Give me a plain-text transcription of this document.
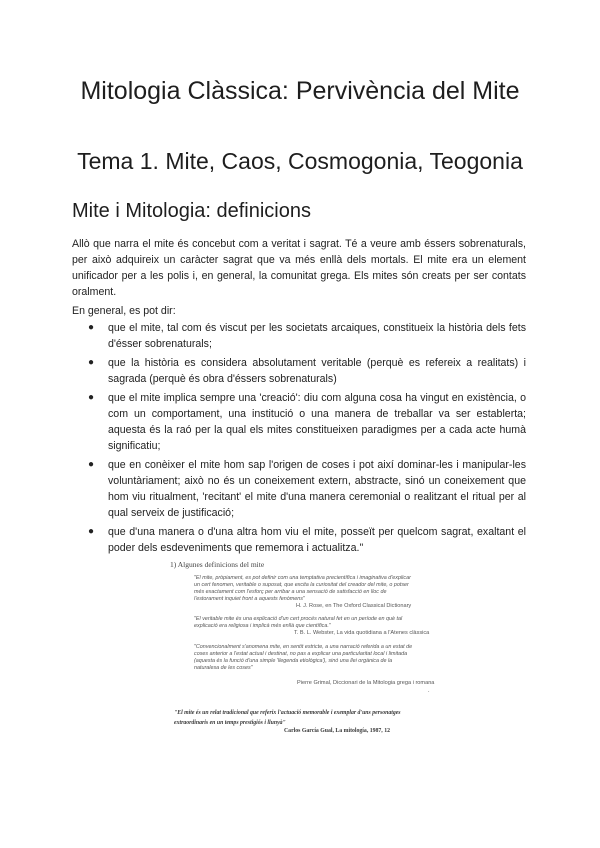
Mitologia Clàssica: Pervivència del Mite
Tema 1. Mite, Caos, Cosmogonia, Teogonia
Mite i Mitologia: definicions

Allò que narra el mite és concebut com a veritat i sagrat. Té a veure amb éssers sobrenaturals, per això adquireix un caràcter sagrat que va més enllà dels mortals. El mite era un element unificador per a les polis i, en general, la comunitat grega. Els mites són creats per ser contats oralment.

En general, es pot dir:

● que el mite, tal com és viscut per les societats arcaiques, constitueix la història dels fets d'ésser sobrenaturals;
● que la història es considera absolutament veritable (perquè es refereix a realitats) i sagrada (perquè és obra d'éssers sobrenaturals)
● que el mite implica sempre una 'creació': diu com alguna cosa ha vingut en existència, o com un comportament, una institució o una manera de treballar va ser establerta; aquesta és la raó per la qual els mites constitueixen paradigmes per a cada acte humà significatiu;
● que en conèixer el mite hom sap l'origen de coses i pot així dominar-les i manipular-les voluntàriament; això no és un coneixement extern, abstracte, sinó un coneixement que hom viu ritualment, 'recitant' el mite d'una manera ceremonial o realitzant el ritual per al qual serveix de justificació;
● que d'una manera o d'una altra hom viu el mite, posseït per quelcom sagrat, exaltant el poder dels esdeveniments que rememora i actualitza."

1) Algunes definicions del mite

"El mite, pròpiament, es pot definir com una temptativa precientífica i imaginativa d'explicar un cert fenomen, veritable o suposat, que excita la curiositat del creador del mite, o potser més exactament com l'esforç per arribar a una sensació de satisfacció en lloc de l'estorament inquiet front a aquests fenòmens"

H. J. Rose, en The Oxford Classical Dictionary

"El veritable mite és una explicació d'un cert procés natural fet en un període en què tal explicació era religiosa i implicà més enllà que científica."

T. B. L. Webster, La vida quotidiana a l'Atenes clàssica

"Convencionalment s'anomena mite, en sentit estricte, a una narració referida a un estat de coses anterior a l'estat actual i destinat, no pas a explicar una particularitat local i limitada (aquesta és la funció d'una simple 'llegenda etiològica'), sinó una llei orgànica de la naturalesa de les coses"

Pierre Grimal, Diccionari de la Mitologia grega i romana

.

"El mite és un relat tradicional que referix l'actuació memorable i exemplar d'uns personatges extraordinaris en un temps prestigiós i llunyà"

Carlos García Gual, La mitología, 1987, 12
